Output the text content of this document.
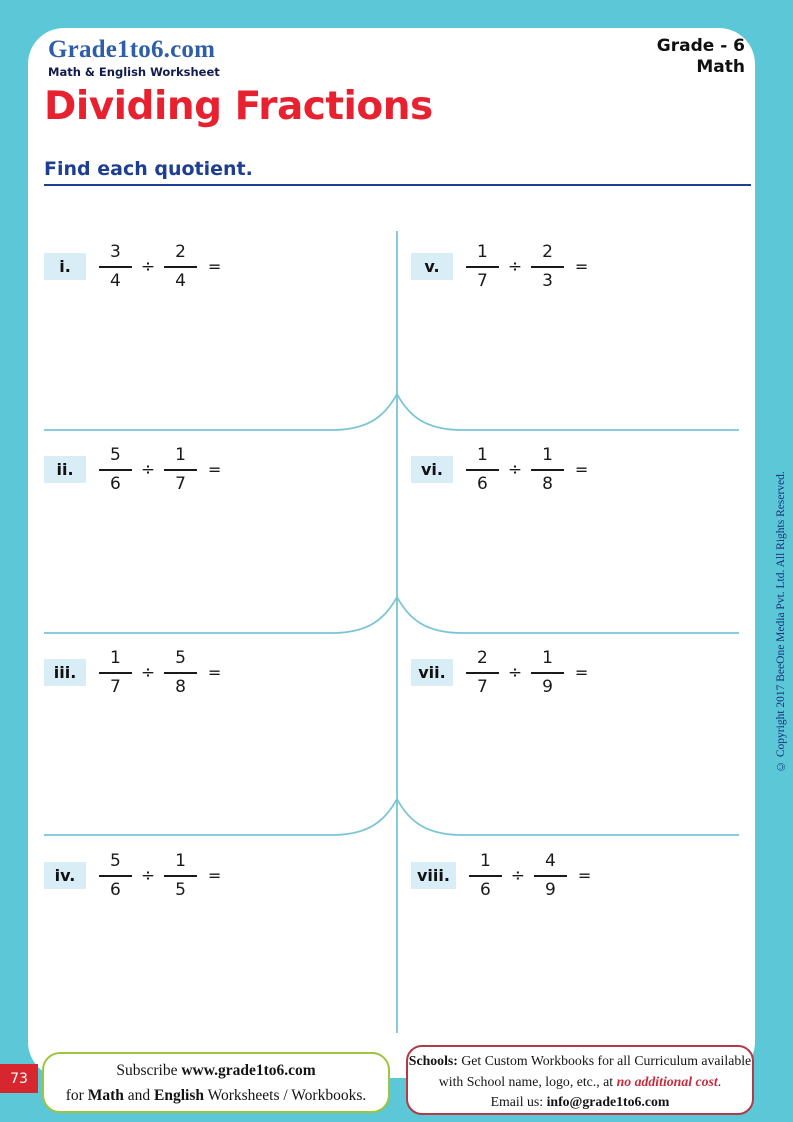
Grade1to6.com
Math & English Worksheet
Grade - 6
Math
Dividing Fractions
Find each quotient.
i.	$\frac{3}{4} \div \frac{2}{4}$ =	v.	$\frac{1}{7} \div \frac{2}{3}$ =
ii.	$\frac{5}{6} \div \frac{1}{7}$ =	vi.	$\frac{1}{6} \div \frac{1}{8}$ =
iii.	$\frac{1}{7} \div \frac{5}{8}$ =	vii.	$\frac{2}{7} \div \frac{1}{9}$ =
iv.	$\frac{5}{6} \div \frac{1}{5}$ =	viii.	$\frac{1}{6} \div \frac{4}{9}$ =
73	Subscribe www.grade1to6.com
for Math and English Worksheets / Workbooks.
Schools: Get Custom Workbooks for all Curriculum available
with School name, logo, etc., at no additional cost.
Email us: info@grade1to6.com
© Copyright 2017 BeeOne Media Pvt. Ltd. All Rights Reserved.
